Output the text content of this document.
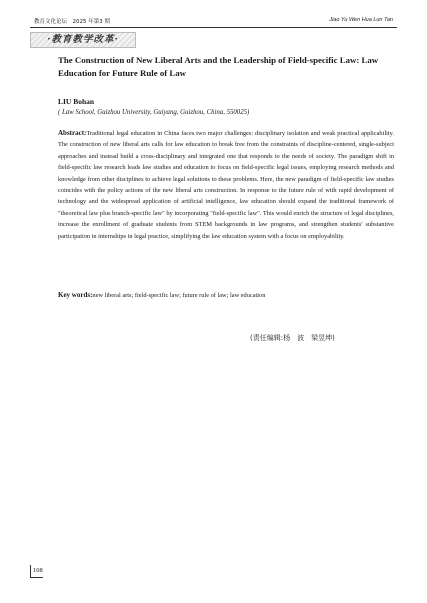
教育文化论坛　2025 年第3 期	Jiao Yu Wen Hua Lun Tan
·教育教学改革·
The Construction of New Liberal Arts and the Leadership of Field-specific Law: Law Education for Future Rule of Law
LIU Bohan
( Law School, Guizhou University, Guiyang, Guizhou, China, 550025)

Abstract:Traditional legal education in China faces two major challenges: disciplinary isolation and weak practical applicability. The construction of new liberal arts calls for law education to break free from the constraints of discipline-centered, single-subject approaches and instead build a cross-disciplinary and integrated one that responds to the needs of society. The paradigm shift in field-specific law research leads law studies and education to focus on field-specific legal issues, employing research methods and knowledge from other disciplines to achieve legal solutions to these problems. Here, the new paradigm of field-specific law studies coincides with the policy actions of the new liberal arts construction. In response to the future rule of with rapid development of technology and the widespread application of artificial intelligence, law education should expand the traditional framework of "theoretical law plus branch-specific law" by incorporating "field-specific law". This would enrich the structure of legal disciplines, increase the enrollment of graduate students from STEM backgrounds in law programs, and strengthen students' substantive participation in internships in legal practice, simplifying the law education system with a focus on employability.

Key words:new liberal arts; field-specific law; future rule of law; law education

(责任编辑:杨　波　梁昱坤)
108
